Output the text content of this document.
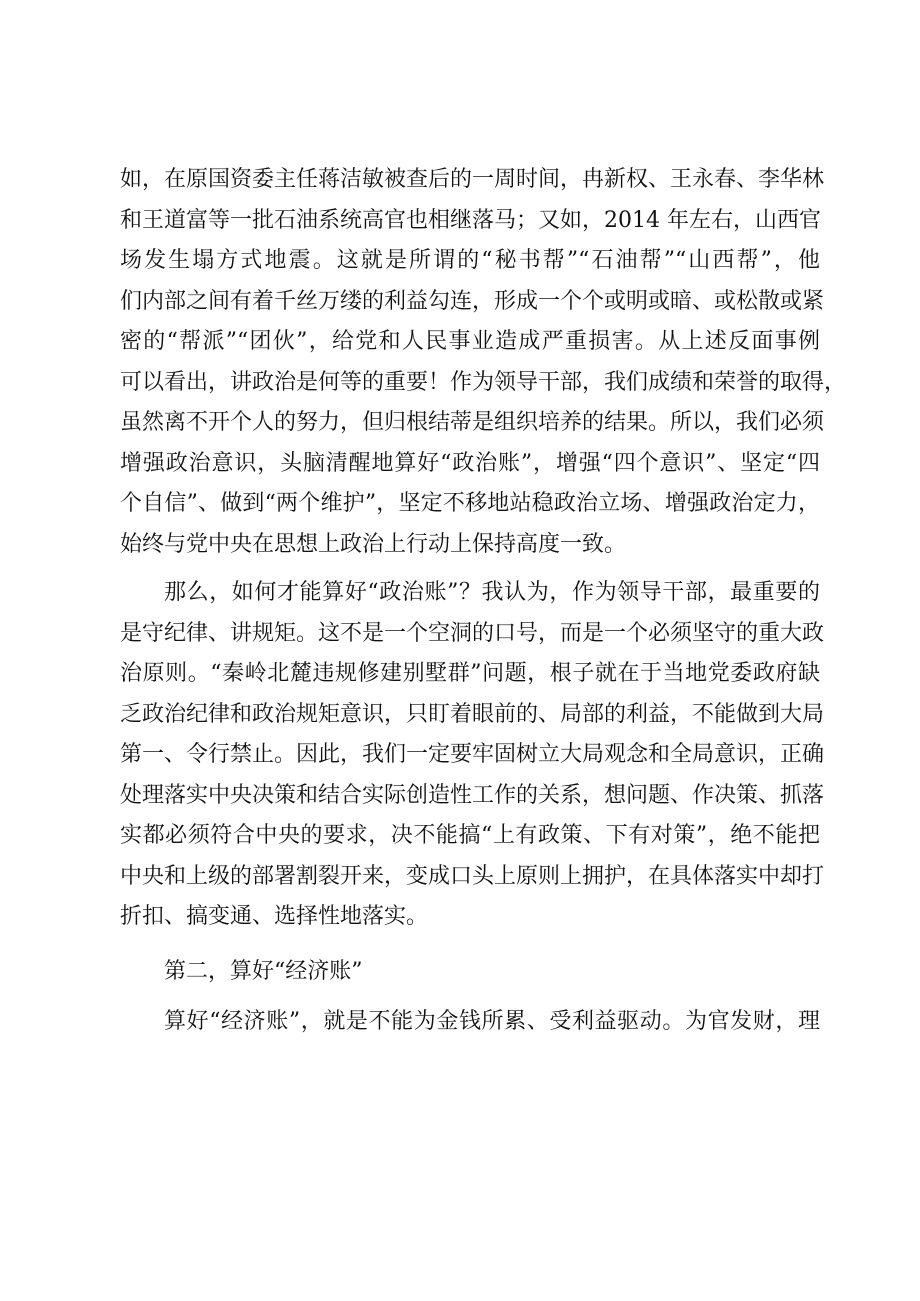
如，在原国资委主任蒋洁敏被查后的一周时间，冉新权、王永春、李华林
和王道富等一批石油系统高官也相继落马；又如，2014 年左右，山西官
场发生塌方式地震。这就是所谓的“秘书帮”“石油帮”“山西帮”，他
们内部之间有着千丝万缕的利益勾连，形成一个个或明或暗、或松散或紧
密的“帮派”“团伙”，给党和人民事业造成严重损害。从上述反面事例
可以看出，讲政治是何等的重要！作为领导干部，我们成绩和荣誉的取得，
虽然离不开个人的努力，但归根结蒂是组织培养的结果。所以，我们必须
增强政治意识，头脑清醒地算好“政治账”，增强“四个意识”、坚定“四
个自信”、做到“两个维护”，坚定不移地站稳政治立场、增强政治定力，
始终与党中央在思想上政治上行动上保持高度一致。
那么，如何才能算好“政治账”？我认为，作为领导干部，最重要的
是守纪律、讲规矩。这不是一个空洞的口号，而是一个必须坚守的重大政
治原则。“秦岭北麓违规修建别墅群”问题，根子就在于当地党委政府缺
乏政治纪律和政治规矩意识，只盯着眼前的、局部的利益，不能做到大局
第一、令行禁止。因此，我们一定要牢固树立大局观念和全局意识，正确
处理落实中央决策和结合实际创造性工作的关系，想问题、作决策、抓落
实都必须符合中央的要求，决不能搞“上有政策、下有对策”，绝不能把
中央和上级的部署割裂开来，变成口头上原则上拥护，在具体落实中却打
折扣、搞变通、选择性地落实。
第二，算好“经济账”
算好“经济账”，就是不能为金钱所累、受利益驱动。为官发财，理
